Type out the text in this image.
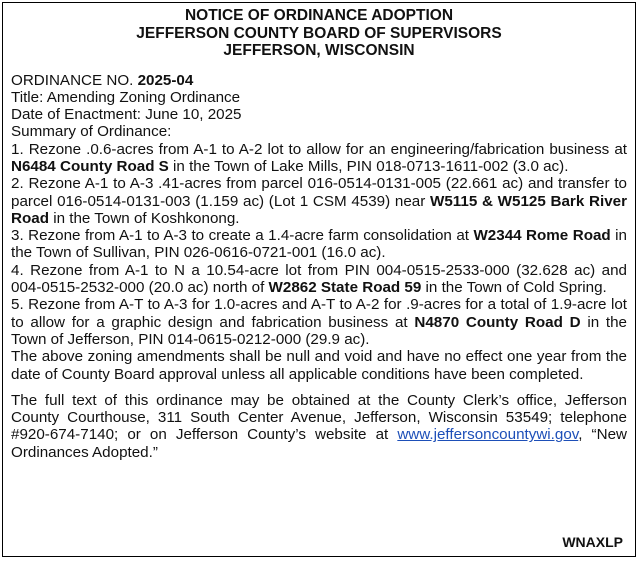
NOTICE OF ORDINANCE ADOPTION
JEFFERSON COUNTY BOARD OF SUPERVISORS
JEFFERSON, WISCONSIN

ORDINANCE NO. 2025-04

Title: Amending Zoning Ordinance

Date of Enactment: June 10, 2025

Summary of Ordinance:

1. Rezone .0.6-acres from A-1 to A-2 lot to allow for an engineering/fabrication business at N6484 County Road S in the Town of Lake Mills, PIN 018-0713-1611-002 (3.0 ac).

2. Rezone A-1 to A-3 .41-acres from parcel 016-0514-0131-005 (22.661 ac) and transfer to parcel 016-0514-0131-003 (1.159 ac) (Lot 1 CSM 4539) near W5115 & W5125 Bark River Road in the Town of Koshkonong.

3. Rezone from A-1 to A-3 to create a 1.4-acre farm consolidation at W2344 Rome Road in the Town of Sullivan, PIN 026-0616-0721-001 (16.0 ac).

4. Rezone from A-1 to N a 10.54-acre lot from PIN 004-0515-2533-000 (32.628 ac) and 004-0515-2532-000 (20.0 ac) north of W2862 State Road 59 in the Town of Cold Spring.

5. Rezone from A-T to A-3 for 1.0-acres and A-T to A-2 for .9-acres for a total of 1.9-acre lot to allow for a graphic design and fabrication business at N4870 County Road D in the Town of Jefferson, PIN 014-0615-0212-000 (29.9 ac).

The above zoning amendments shall be null and void and have no effect one year from the date of County Board approval unless all applicable conditions have been completed.

The full text of this ordinance may be obtained at the County Clerk’s office, Jefferson County Courthouse, 311 South Center Avenue, Jefferson, Wisconsin 53549; telephone #920-674-7140; or on Jefferson County’s website at www.jeffersoncountywi.gov, “New Ordinances Adopted.”

WNAXLP
